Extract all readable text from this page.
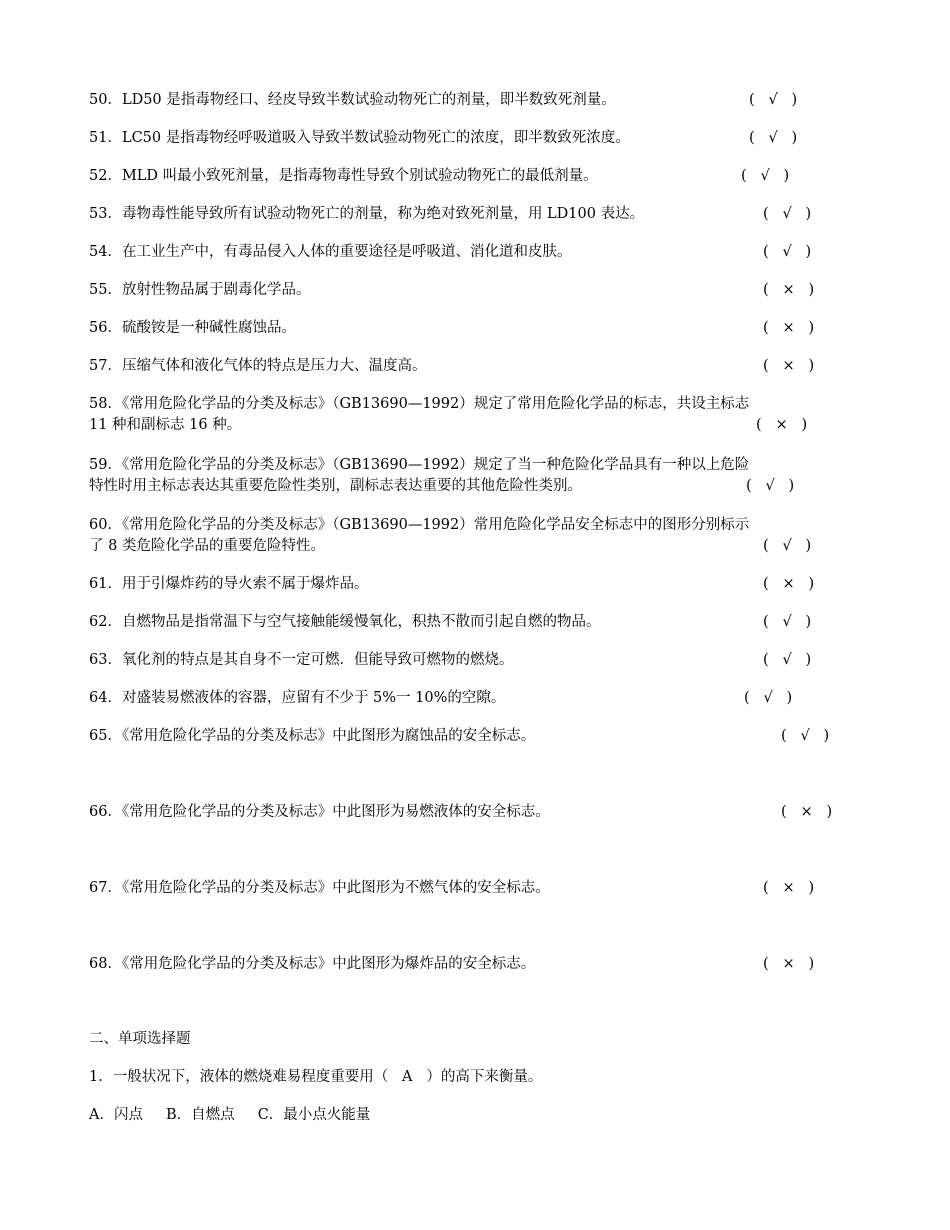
50．LD50 是指毒物经口、经皮导致半数试验动物死亡的剂量，即半数致死剂量。	(   √   )
51．LC50 是指毒物经呼吸道吸入导致半数试验动物死亡的浓度，即半数致死浓度。	(   √   )
52．MLD 叫最小致死剂量，是指毒物毒性导致个别试验动物死亡的最低剂量。	(   √   )
53．毒物毒性能导致所有试验动物死亡的剂量，称为绝对致死剂量，用 LD100 表达。	(   √   )
54．在工业生产中，有毒品侵入人体的重要途径是呼吸道、消化道和皮肤。	(   √   )
55．放射性物品属于剧毒化学品。	(   ×   )
56．硫酸铵是一种碱性腐蚀品。	(   ×   )
57．压缩气体和液化气体的特点是压力大、温度高。	(   ×   )
58．《常用危险化学品的分类及标志》（GB13690—1992）规定了常用危险化学品的标志，共设主标志
11 种和副标志 16 种。	(   ×   )
59．《常用危险化学品的分类及标志》（GB13690—1992）规定了当一种危险化学品具有一种以上危险
特性时用主标志表达其重要危险性类别，副标志表达重要的其他危险性类别。	(   √   )
60．《常用危险化学品的分类及标志》（GB13690—1992）常用危险化学品安全标志中的图形分别标示
了 8 类危险化学品的重要危险特性。	(   √   )
61．用于引爆炸药的导火索不属于爆炸品。	(   ×   )
62．自燃物品是指常温下与空气接触能缓慢氧化，积热不散而引起自燃的物品。	(   √   )
63．氧化剂的特点是其自身不一定可燃．但能导致可燃物的燃烧。	(   √   )
64．对盛装易燃液体的容器，应留有不少于 5%一 10%的空隙。	(   √   )
65．《常用危险化学品的分类及标志》中此图形为腐蚀品的安全标志。	(   √   )
66．《常用危险化学品的分类及标志》中此图形为易燃液体的安全标志。	(   ×   )
67．《常用危险化学品的分类及标志》中此图形为不燃气体的安全标志。	(   ×   )
68．《常用危险化学品的分类及标志》中此图形为爆炸品的安全标志。	(   ×   )
二、单项选择题
1．一般状况下，液体的燃烧难易程度重要用（   A   ）的高下来衡量。
A．闪点     B．自燃点     C．最小点火能量
